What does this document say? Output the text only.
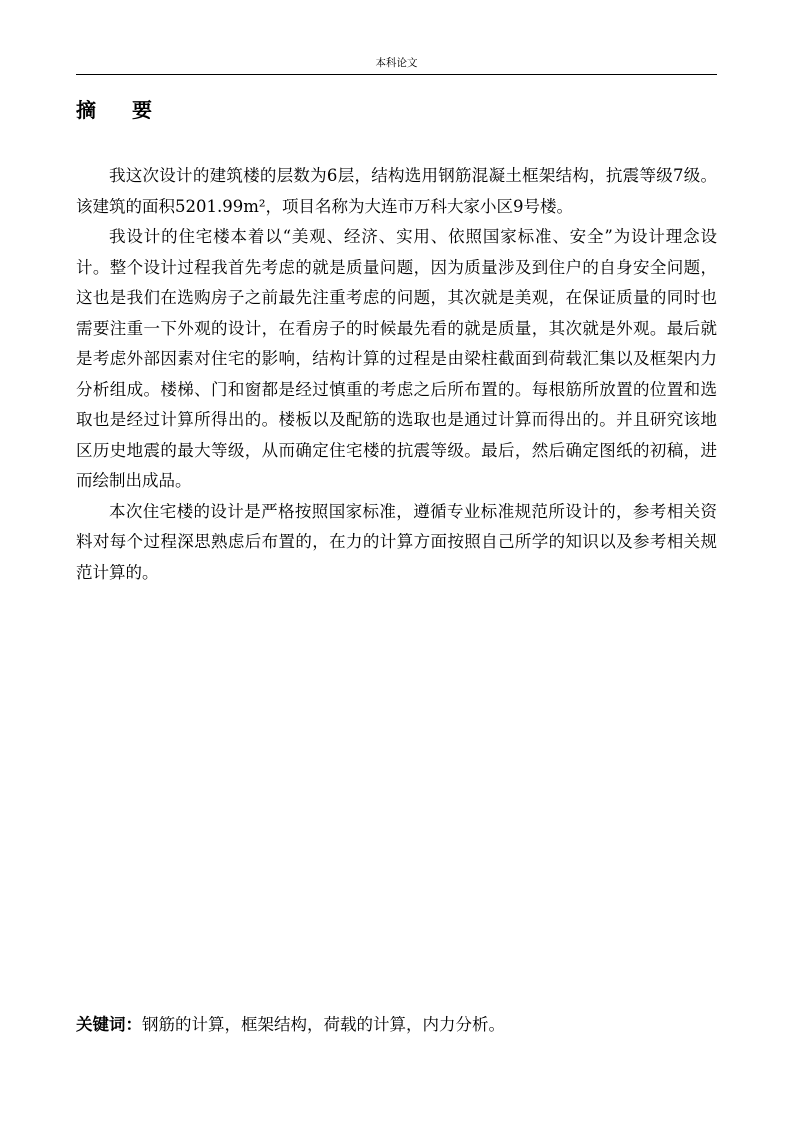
本科论文
摘要

我这次设计的建筑楼的层数为6层，结构选用钢筋混凝土框架结构，抗震等级7级。该建筑的面积5201.99m²，项目名称为大连市万科大家小区9号楼。

我设计的住宅楼本着以“美观、经济、实用、依照国家标准、安全”为设计理念设计。整个设计过程我首先考虑的就是质量问题，因为质量涉及到住户的自身安全问题，这也是我们在选购房子之前最先注重考虑的问题，其次就是美观，在保证质量的同时也需要注重一下外观的设计，在看房子的时候最先看的就是质量，其次就是外观。最后就是考虑外部因素对住宅的影响，结构计算的过程是由梁柱截面到荷载汇集以及框架内力分析组成。楼梯、门和窗都是经过慎重的考虑之后所布置的。每根筋所放置的位置和选取也是经过计算所得出的。楼板以及配筋的选取也是通过计算而得出的。并且研究该地区历史地震的最大等级，从而确定住宅楼的抗震等级。最后，然后确定图纸的初稿，进而绘制出成品。

本次住宅楼的设计是严格按照国家标准，遵循专业标准规范所设计的，参考相关资料对每个过程深思熟虑后布置的，在力的计算方面按照自己所学的知识以及参考相关规范计算的。

关键词：钢筋的计算，框架结构，荷载的计算，内力分析。
